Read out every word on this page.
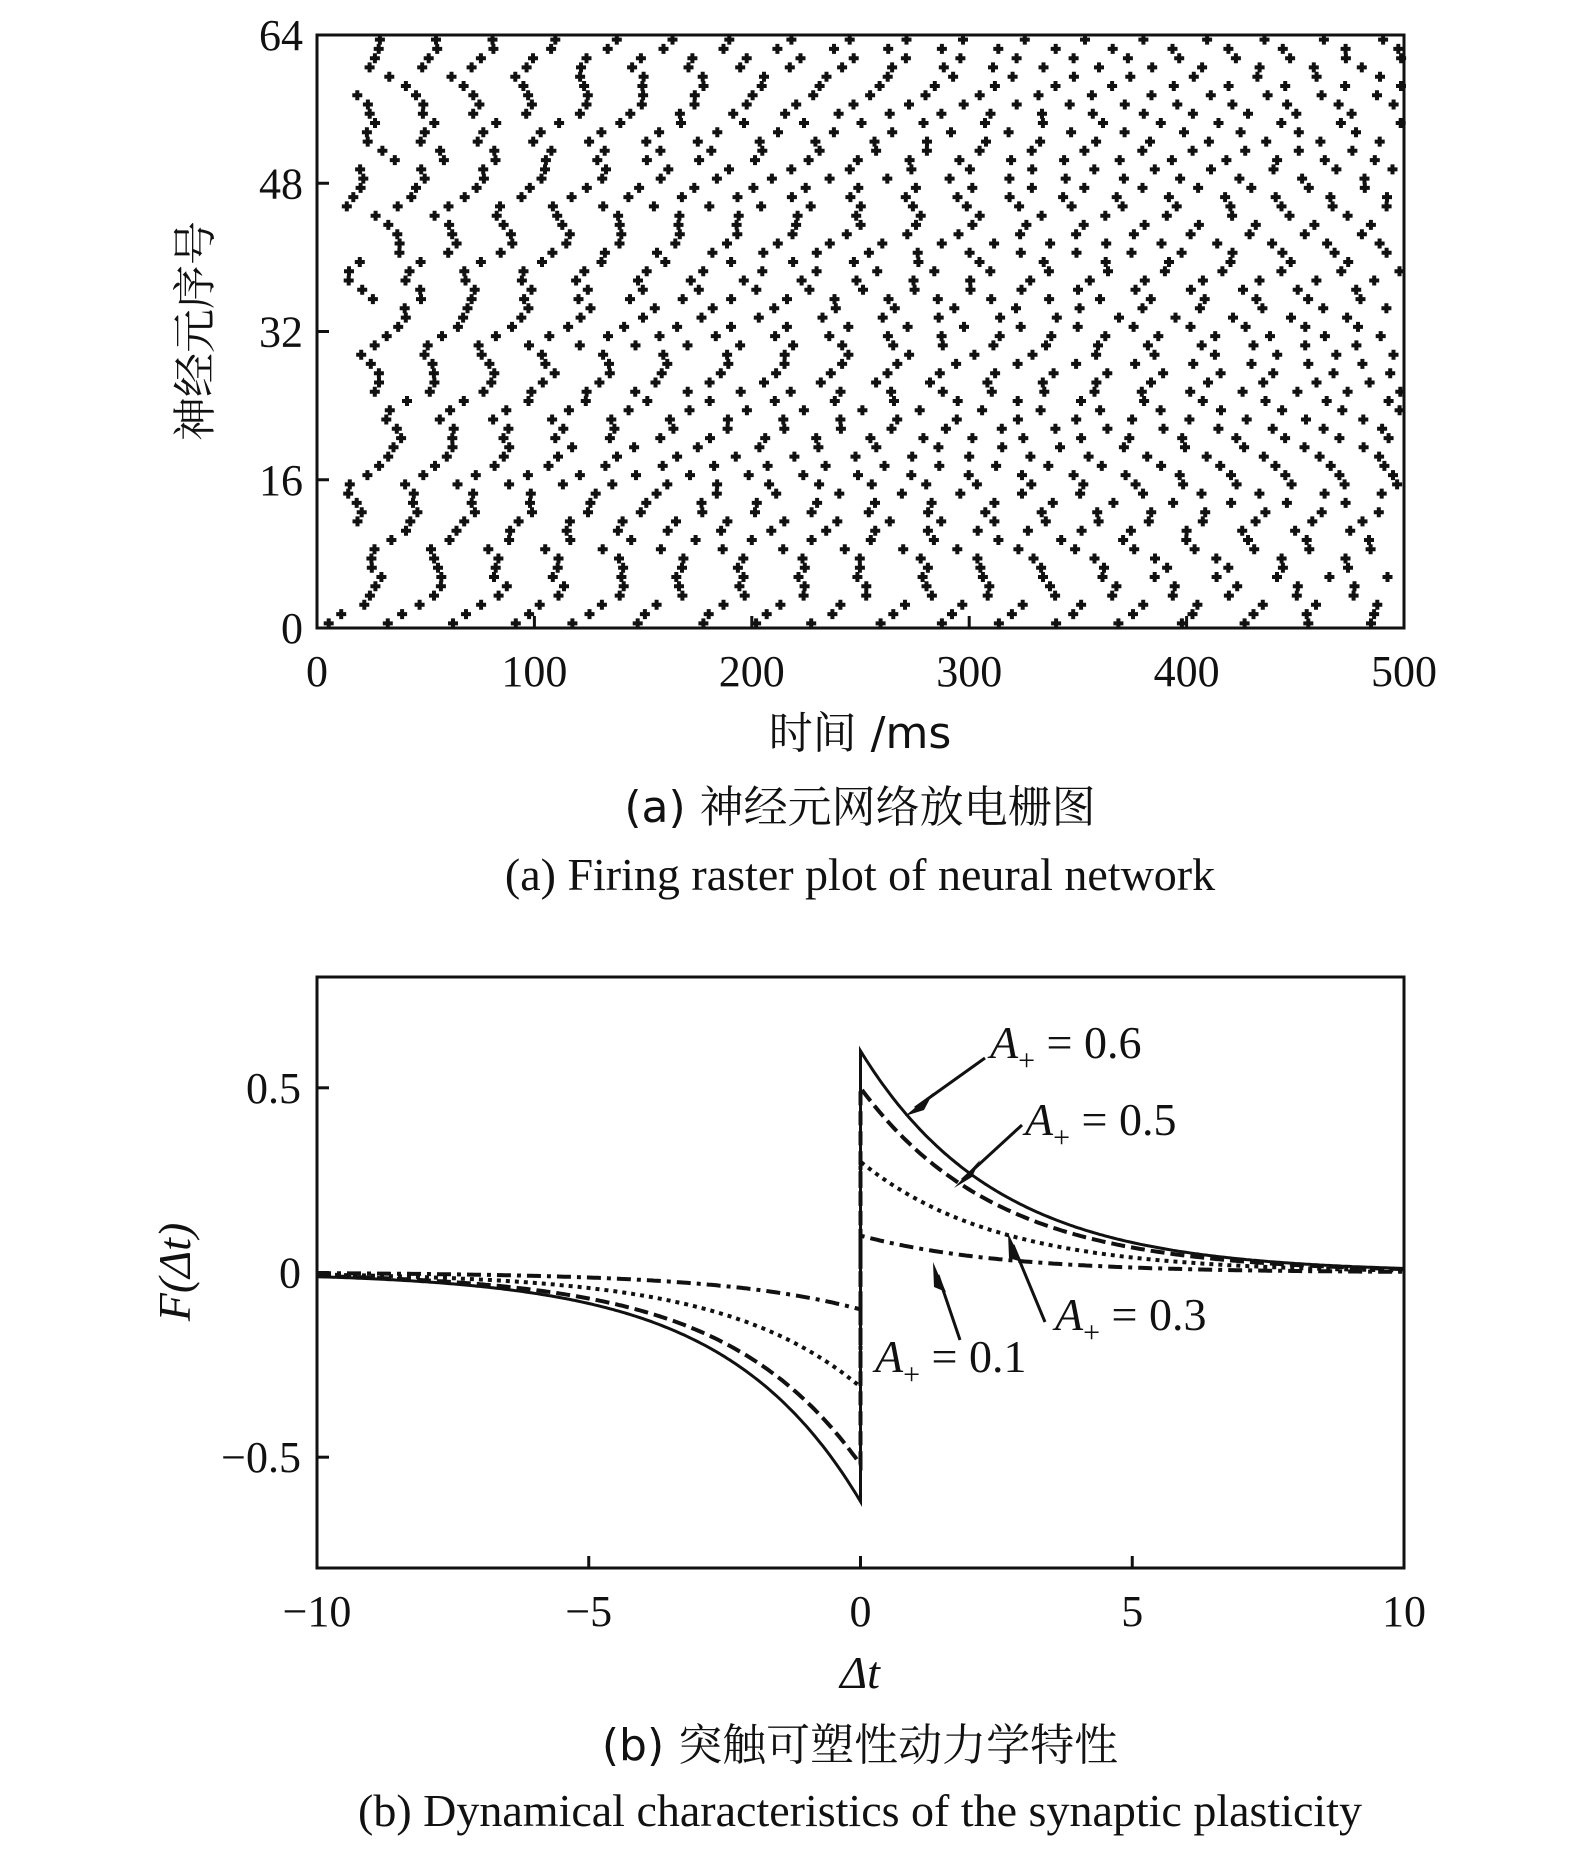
0	100	200	300	400	500
0
16
32
48
64
时间 /ms
神经元序号
(a) 神经元网络放电栅图
(a) Firing raster plot of neural network
−10	−5	0	5	10
−0.5
0
0.5
$A_+ = 0.6$
$A_+ = 0.5$
$A_+ = 0.3$
$A_+ = 0.1$
Δt
F(Δt)
(b) 突触可塑性动力学特性
(b) Dynamical characteristics of the synaptic plasticity
